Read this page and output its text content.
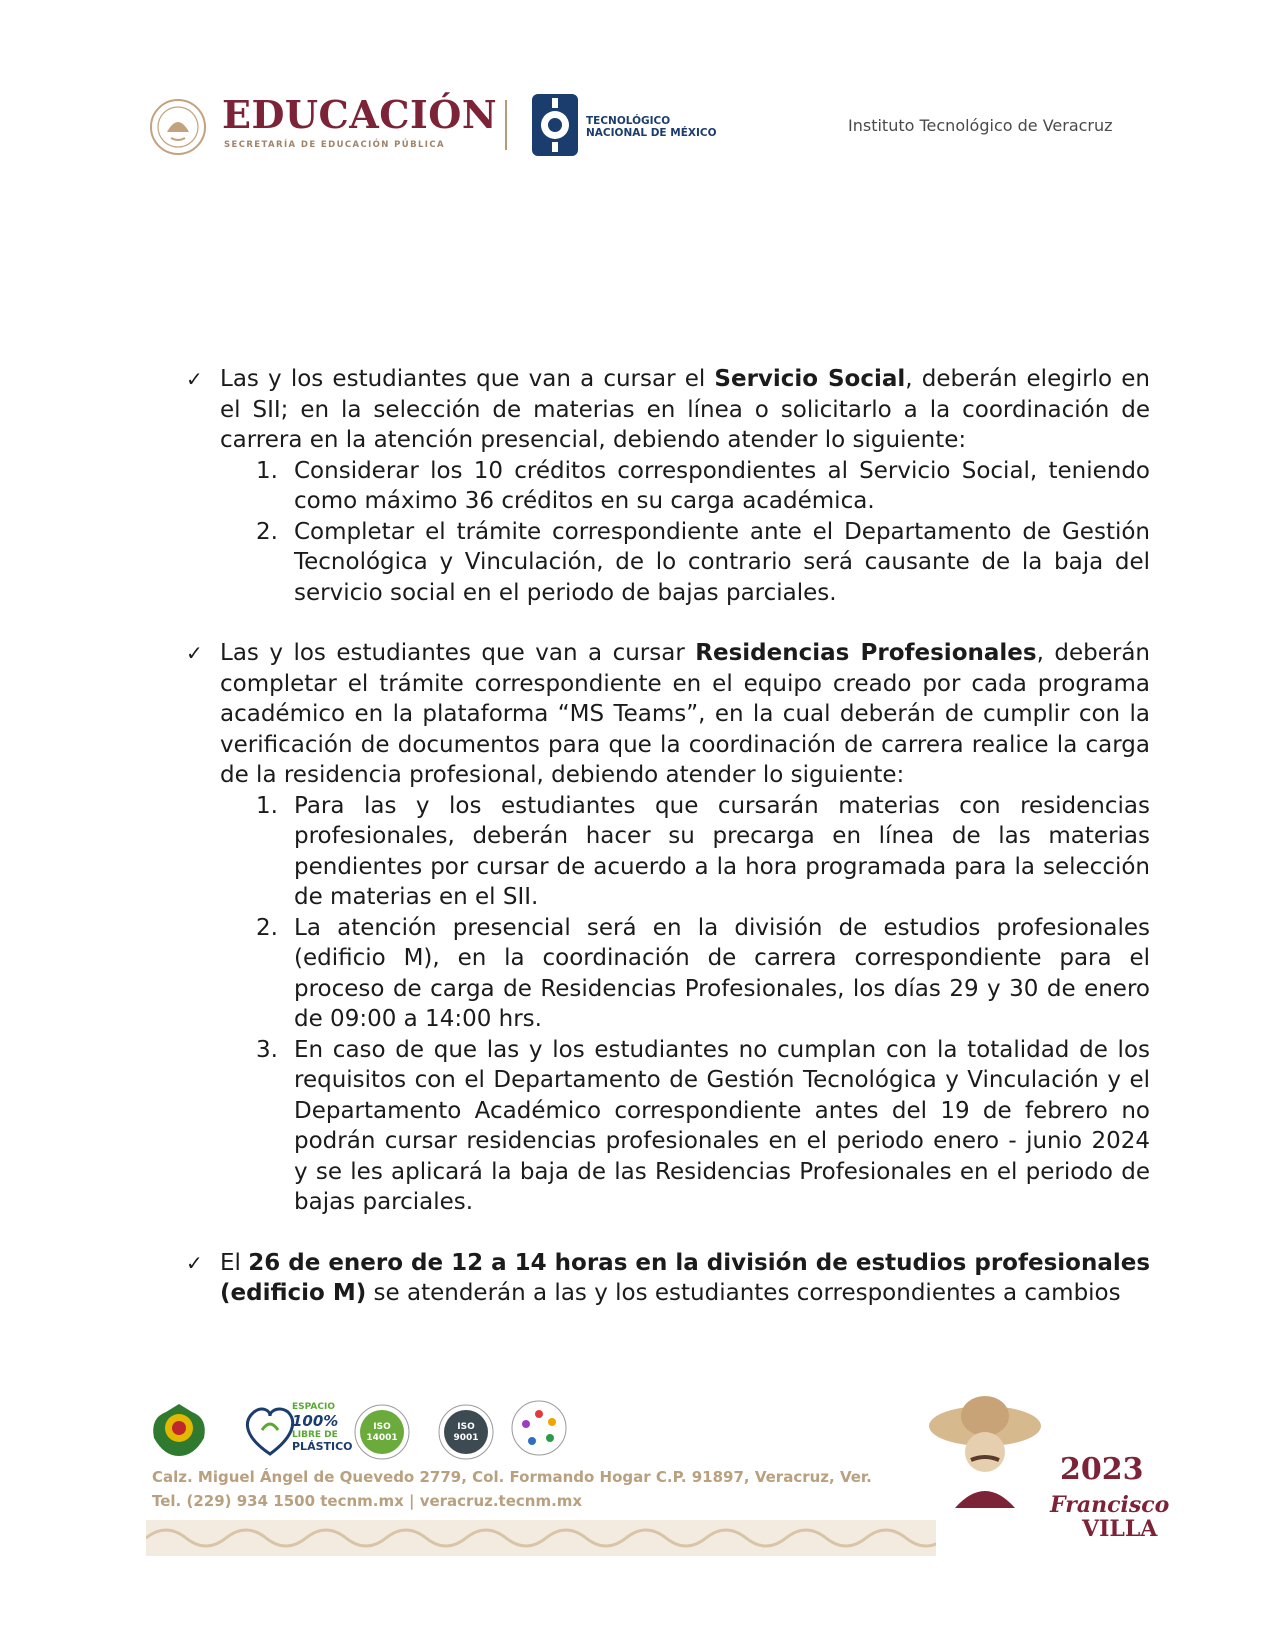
EDUCACIÓN
SECRETARÍA DE EDUCACIÓN PÚBLICA
TECNOLÓGICO
NACIONAL DE MÉXICO	Instituto Tecnológico de Veracruz
✓ Las y los estudiantes que van a cursar el Servicio Social, deberán elegirlo en el SII; en la selección de materias en línea o solicitarlo a la coordinación de carrera en la atención presencial, debiendo atender lo siguiente:

1. Considerar los 10 créditos correspondientes al Servicio Social, teniendo como máximo 36 créditos en su carga académica.
2. Completar el trámite correspondiente ante el Departamento de Gestión Tecnológica y Vinculación, de lo contrario será causante de la baja del servicio social en el periodo de bajas parciales.
✓ Las y los estudiantes que van a cursar Residencias Profesionales, deberán completar el trámite correspondiente en el equipo creado por cada programa académico en la plataforma “MS Teams”, en la cual deberán de cumplir con la verificación de documentos para que la coordinación de carrera realice la carga de la residencia profesional, debiendo atender lo siguiente:

1. Para las y los estudiantes que cursarán materias con residencias profesionales, deberán hacer su precarga en línea de las materias pendientes por cursar de acuerdo a la hora programada para la selección de materias en el SII.
2. La atención presencial será en la división de estudios profesionales (edificio M), en la coordinación de carrera correspondiente para el proceso de carga de Residencias Profesionales, los días 29 y 30 de enero de 09:00 a 14:00 hrs.
3. En caso de que las y los estudiantes no cumplan con la totalidad de los requisitos con el Departamento de Gestión Tecnológica y Vinculación y el Departamento Académico correspondiente antes del 19 de febrero no podrán cursar residencias profesionales en el periodo enero - junio 2024 y se les aplicará la baja de las Residencias Profesionales en el periodo de bajas parciales.
✓ El 26 de enero de 12 a 14 horas en la división de estudios profesionales (edificio M) se atenderán a las y los estudiantes correspondientes a cambios

ESPACIO
100%
LIBRE DE
PLÁSTICO
ISO
14001
ISO
9001
Calz. Miguel Ángel de Quevedo 2779, Col. Formando Hogar C.P. 91897, Veracruz, Ver.
Tel. (229) 934 1500 tecnm.mx | veracruz.tecnm.mx
2023
Francisco
VILLA
